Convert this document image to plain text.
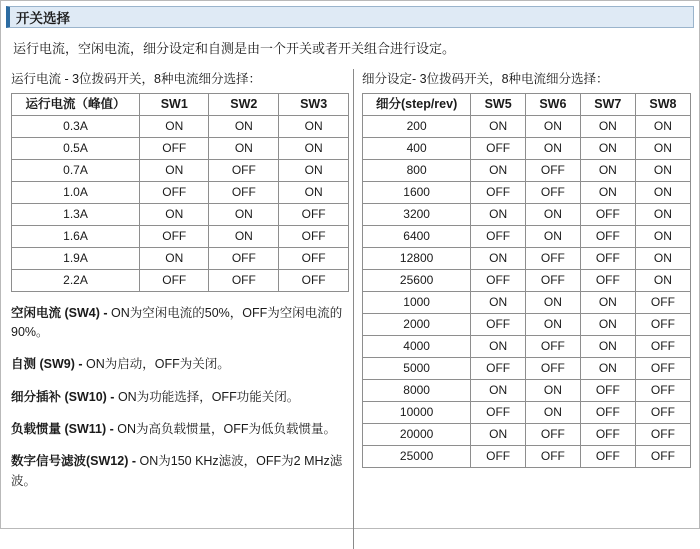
开关选择
运行电流，空闲电流，细分设定和自测是由一个开关或者开关组合进行设定。
运行电流 - 3位拨码开关，8种电流细分选择：
运行电流（峰值）	SW1	SW2	SW3
0.3A	ON	ON	ON
0.5A	OFF	ON	ON
0.7A	ON	OFF	ON
1.0A	OFF	OFF	ON
1.3A	ON	ON	OFF
1.6A	OFF	ON	OFF
1.9A	ON	OFF	OFF
2.2A	OFF	OFF	OFF
空闲电流 (SW4) - ON为空闲电流的50%，OFF为空闲电流的90%。
自测 (SW9) - ON为启动，OFF为关闭。
细分插补 (SW10) - ON为功能选择，OFF功能关闭。
负载惯量 (SW11) - ON为高负载惯量，OFF为低负载惯量。
数字信号滤波(SW12) - ON为150 KHz滤波，OFF为2 MHz滤波。
细分设定- 3位拨码开关，8种电流细分选择：
细分(step/rev)	SW5	SW6	SW7	SW8
200	ON	ON	ON	ON
400	OFF	ON	ON	ON
800	ON	OFF	ON	ON
1600	OFF	OFF	ON	ON
3200	ON	ON	OFF	ON
6400	OFF	ON	OFF	ON
12800	ON	OFF	OFF	ON
25600	OFF	OFF	OFF	ON
1000	ON	ON	ON	OFF
2000	OFF	ON	ON	OFF
4000	ON	OFF	ON	OFF
5000	OFF	OFF	ON	OFF
8000	ON	ON	OFF	OFF
10000	OFF	ON	OFF	OFF
20000	ON	OFF	OFF	OFF
25000	OFF	OFF	OFF	OFF
